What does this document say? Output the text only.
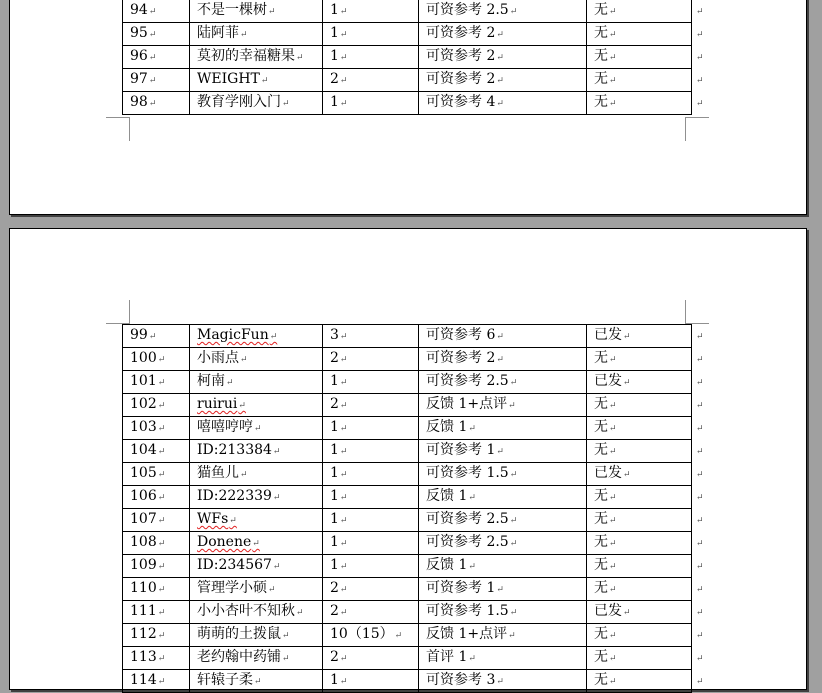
94 ↵	不是一棵树 ↵	1 ↵	可资参考 2.5 ↵	无 ↵
95 ↵	陆阿菲 ↵	1 ↵	可资参考 2 ↵	无 ↵
96 ↵	莫初的幸福糖果 ↵	1 ↵	可资参考 2 ↵	无 ↵
97 ↵	WEIGHT ↵	2 ↵	可资参考 2 ↵	无 ↵
98 ↵	教育学刚入门 ↵	1 ↵	可资参考 4 ↵	无 ↵
↵
↵
↵
↵
↵
99 ↵	MagicFun ↵	3 ↵	可资参考 6 ↵	已发 ↵
100 ↵	小雨点 ↵	2 ↵	可资参考 2 ↵	无 ↵
101 ↵	柯南 ↵	1 ↵	可资参考 2.5 ↵	已发 ↵
102 ↵	ruirui ↵	2 ↵	反馈 1+点评 ↵	无 ↵
103 ↵	嘻嘻哼哼 ↵	1 ↵	反馈 1 ↵	无 ↵
104 ↵	ID:213384 ↵	1 ↵	可资参考 1 ↵	无 ↵
105 ↵	猫鱼儿 ↵	1 ↵	可资参考 1.5 ↵	已发 ↵
106 ↵	ID:222339 ↵	1 ↵	反馈 1 ↵	无 ↵
107 ↵	WFs ↵	1 ↵	可资参考 2.5 ↵	无 ↵
108 ↵	Donene ↵	1 ↵	可资参考 2.5 ↵	无 ↵
109 ↵	ID:234567 ↵	1 ↵	反馈 1 ↵	无 ↵
110 ↵	管理学小硕 ↵	2 ↵	可资参考 1 ↵	无 ↵
111 ↵	小小杏叶不知秋 ↵	2 ↵	可资参考 1.5 ↵	已发 ↵
112 ↵	萌萌的土拨鼠 ↵	10（15） ↵	反馈 1+点评 ↵	无 ↵
113 ↵	老约翰中药铺 ↵	2 ↵	首评 1 ↵	无 ↵
114 ↵	轩辕子柔 ↵	1 ↵	可资参考 3 ↵	无 ↵
↵
↵
↵
↵
↵
↵
↵
↵
↵
↵
↵
↵
↵
↵
↵
↵
